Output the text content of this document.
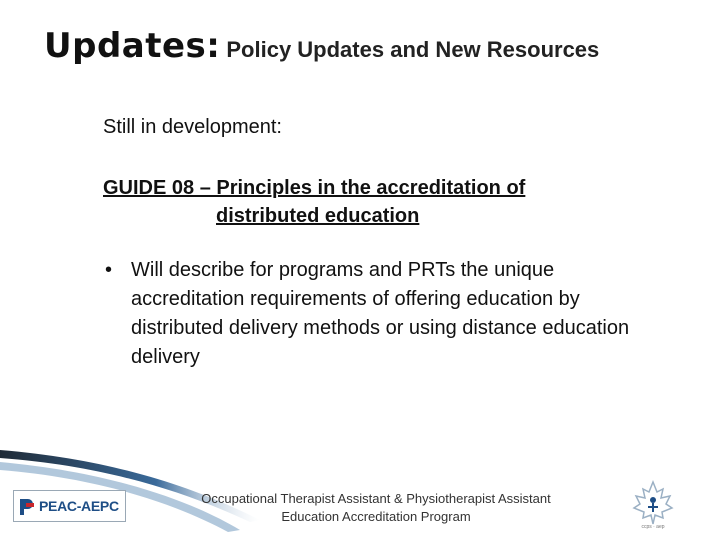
Updates: Policy Updates and New Resources
Still in development:
GUIDE 08 – Principles in the accreditation of
distributed education
• Will describe for programs and PRTs the unique accreditation requirements of offering education by distributed delivery methods or using distance education delivery
Occupational Therapist Assistant & Physiotherapist Assistant
Education Accreditation Program
PEAC-AEPC
ccps · aep
